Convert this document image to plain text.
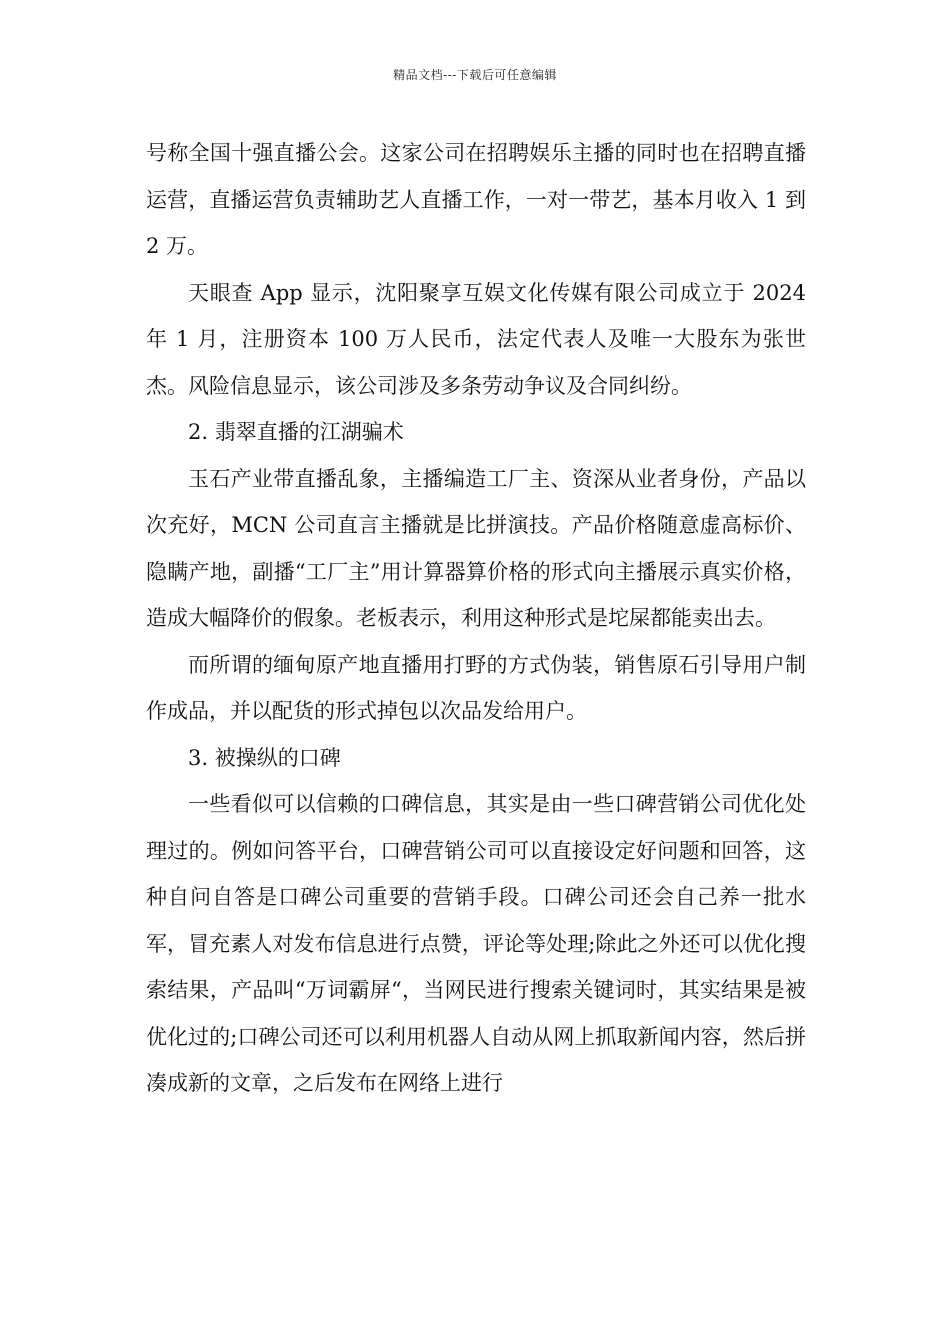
精品文档---下载后可任意编辑

号称全国十强直播公会。这家公司在招聘娱乐主播的同时也在招聘直播运营，直播运营负责辅助艺人直播工作，一对一带艺，基本月收入 1 到 2 万。

天眼查 App 显示，沈阳聚享互娱文化传媒有限公司成立于 2024 年 1 月，注册资本 100 万人民币，法定代表人及唯一大股东为张世杰。风险信息显示，该公司涉及多条劳动争议及合同纠纷。

2. 翡翠直播的江湖骗术

玉石产业带直播乱象，主播编造工厂主、资深从业者身份，产品以次充好，MCN 公司直言主播就是比拼演技。产品价格随意虚高标价、隐瞒产地，副播“工厂主”用计算器算价格的形式向主播展示真实价格，造成大幅降价的假象。老板表示，利用这种形式是坨屎都能卖出去。

而所谓的缅甸原产地直播用打野的方式伪装，销售原石引导用户制作成品，并以配货的形式掉包以次品发给用户。

3. 被操纵的口碑

一些看似可以信赖的口碑信息，其实是由一些口碑营销公司优化处理过的。例如问答平台，口碑营销公司可以直接设定好问题和回答，这种自问自答是口碑公司重要的营销手段。口碑公司还会自己养一批水军，冒充素人对发布信息进行点赞，评论等处理;除此之外还可以优化搜索结果，产品叫“万词霸屏“，当网民进行搜索关键词时，其实结果是被优化过的;口碑公司还可以利用机器人自动从网上抓取新闻内容，然后拼凑成新的文章，之后发布在网络上进行
